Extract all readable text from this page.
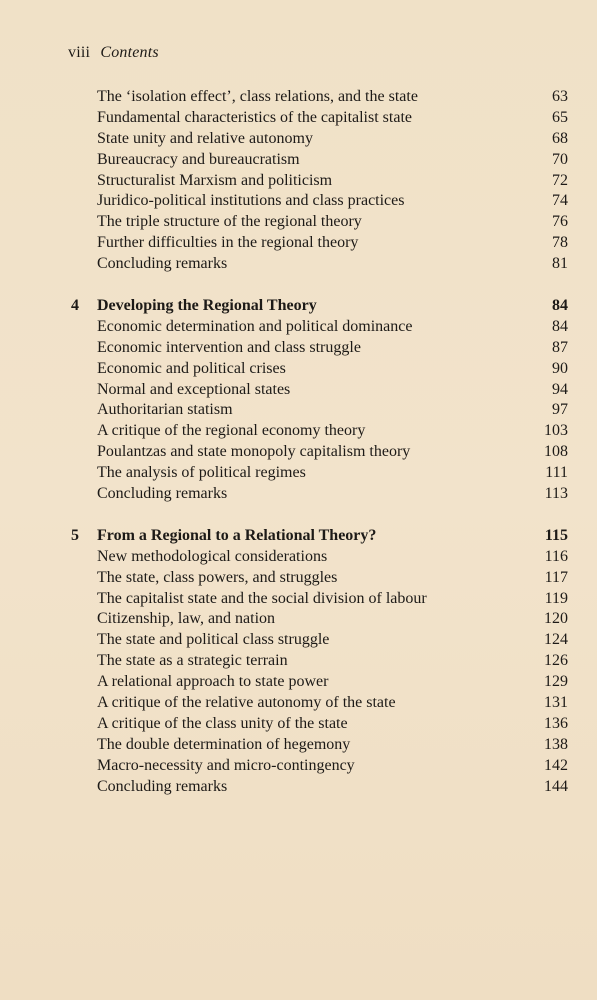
viii Contents
The ‘isolation effect’, class relations, and the state	63
Fundamental characteristics of the capitalist state	65
State unity and relative autonomy	68
Bureaucracy and bureaucratism	70
Structuralist Marxism and politicism	72
Juridico-political institutions and class practices	74
The triple structure of the regional theory	76
Further difficulties in the regional theory	78
Concluding remarks	81
4 Developing the Regional Theory	84
Economic determination and political dominance	84
Economic intervention and class struggle	87
Economic and political crises	90
Normal and exceptional states	94
Authoritarian statism	97
A critique of the regional economy theory	103
Poulantzas and state monopoly capitalism theory	108
The analysis of political regimes	111
Concluding remarks	113
5 From a Regional to a Relational Theory?	115
New methodological considerations	116
The state, class powers, and struggles	117
The capitalist state and the social division of labour	119
Citizenship, law, and nation	120
The state and political class struggle	124
The state as a strategic terrain	126
A relational approach to state power	129
A critique of the relative autonomy of the state	131
A critique of the class unity of the state	136
The double determination of hegemony	138
Macro-necessity and micro-contingency	142
Concluding remarks	144
